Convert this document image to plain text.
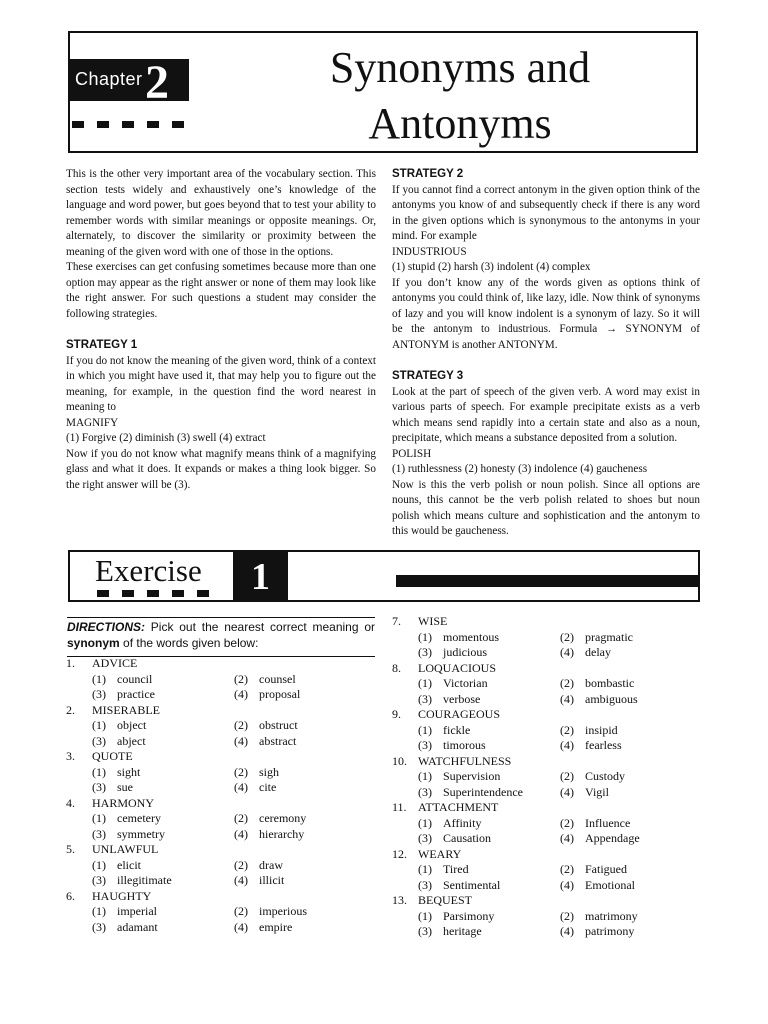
Chapter 2	Synonyms and
Antonyms

This is the other very important area of the vocabulary section. This section tests widely and exhaustively one’s knowledge of the language and word power, but goes beyond that to test your ability to remember words with similar meanings or opposite meanings. Or, alternately, to discover the similarity or proximity between the meaning of the given word with one of those in the options.

These exercises can get confusing sometimes because more than one option may appear as the right answer or none of them may look like the right answer. For such questions a student may consider the following strategies.

STRATEGY 1

If you do not know the meaning of the given word, think of a context in which you might have used it, that may help you to figure out the meaning, for example, in the question find the word nearest in meaning to

MAGNIFY

(1) Forgive (2) diminish (3) swell (4) extract

Now if you do not know what magnify means think of a magnifying glass and what it does. It expands or makes a thing look bigger. So the right answer will be (3).

STRATEGY 2

If you cannot find a correct antonym in the given option think of the antonyms you know of and subsequently check if there is any word in the given options which is synonymous to the antonyms in your mind. For example

INDUSTRIOUS

(1) stupid (2) harsh (3) indolent (4) complex

If you don’t know any of the words given as options think of antonyms you could think of, like lazy, idle. Now think of synonyms of lazy and you will know indolent is a synonym of lazy. So it will be the antonym to industrious. Formula → SYNONYM of ANTONYM is another ANTONYM.

STRATEGY 3

Look at the part of speech of the given verb. A word may exist in various parts of speech. For example precipitate exists as a verb which means send rapidly into a certain state and also as a noun, precipitate, which means a substance deposited from a solution.

POLISH

(1) ruthlessness (2) honesty (3) indolence (4) gaucheness

Now is this the verb polish or noun polish. Since all options are nouns, this cannot be the verb polish related to shoes but noun polish which means culture and sophistication and the antonym to this would be gaucheness.

Exercise	1
DIRECTIONS: Pick out the nearest correct meaning or synonym of the words given below:
1. ADVICE
(1) council	(2) counsel
(3) practice	(4) proposal
2. MISERABLE
(1) object	(2) obstruct
(3) abject	(4) abstract
3. QUOTE
(1) sight	(2) sigh
(3) sue	(4) cite
4. HARMONY
(1) cemetery	(2) ceremony
(3) symmetry	(4) hierarchy
5. UNLAWFUL
(1) elicit	(2) draw
(3) illegitimate	(4) illicit
6. HAUGHTY
(1) imperial	(2) imperious
(3) adamant	(4) empire
7. WISE
(1) momentous	(2) pragmatic
(3) judicious	(4) delay
8. LOQUACIOUS
(1) Victorian	(2) bombastic
(3) verbose	(4) ambiguous
9. COURAGEOUS
(1) fickle	(2) insipid
(3) timorous	(4) fearless
10. WATCHFULNESS
(1) Supervision	(2) Custody
(3) Superintendence	(4) Vigil
11. ATTACHMENT
(1) Affinity	(2) Influence
(3) Causation	(4) Appendage
12. WEARY
(1) Tired	(2) Fatigued
(3) Sentimental	(4) Emotional
13. BEQUEST
(1) Parsimony	(2) matrimony
(3) heritage	(4) patrimony
